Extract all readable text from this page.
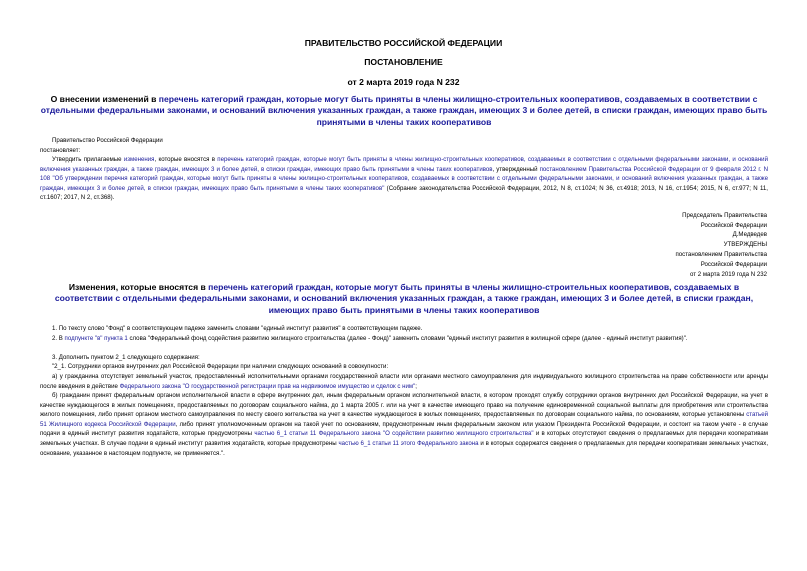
ПРАВИТЕЛЬСТВО РОССИЙСКОЙ ФЕДЕРАЦИИ
ПОСТАНОВЛЕНИЕ
от 2 марта 2019 года N 232
О внесении изменений в перечень категорий граждан, которые могут быть приняты в члены жилищно-строительных кооперативов, создаваемых в соответствии с отдельными федеральными законами, и оснований включения указанных граждан, а также граждан, имеющих 3 и более детей, в списки граждан, имеющих право быть принятыми в члены таких кооперативов
Правительство Российской Федерации
постановляет:
Утвердить прилагаемые изменения, которые вносятся в перечень категорий граждан, которые могут быть приняты в члены жилищно-строительных кооперативов, создаваемых в соответствии с отдельными федеральными законами, и оснований включения указанных граждан, а также граждан, имеющих 3 и более детей, в списки граждан, имеющих право быть принятыми в члены таких кооперативов, утвержденный постановлением Правительства Российской Федерации от 9 февраля 2012 г. N 108 "Об утверждении перечня категорий граждан, которые могут быть приняты в члены жилищно-строительных кооперативов, создаваемых в соответствии с отдельными федеральными законами, и оснований включения указанных граждан, а также граждан, имеющих 3 и более детей, в списки граждан, имеющих право быть принятыми в члены таких кооперативов" (Собрание законодательства Российской Федерации, 2012, N 8, ст.1024; N 36, ст.4918; 2013, N 16, ст.1954; 2015, N 6, ст.977; N 11, ст.1607; 2017, N 2, ст.368).
Председатель Правительства
Российской Федерации
Д.Медведев
УТВЕРЖДЕНЫ
постановлением Правительства
Российской Федерации
от 2 марта 2019 года N 232
Изменения, которые вносятся в перечень категорий граждан, которые могут быть приняты в члены жилищно-строительных кооперативов, создаваемых в соответствии с отдельными федеральными законами, и оснований включения указанных граждан, а также граждан, имеющих 3 и более детей, в списки граждан, имеющих право быть принятыми в члены таких кооперативов
1. По тексту слово "Фонд" в соответствующем падеже заменить словами "единый институт развития" в соответствующем падеже.
2. В подпункте "в" пункта 1 слова "Федеральный фонд содействия развитию жилищного строительства (далее - Фонд)" заменить словами "единый институт развития в жилищной сфере (далее - единый институт развития)".
3. Дополнить пунктом 2_1 следующего содержания:
"2_1. Сотрудники органов внутренних дел Российской Федерации при наличии следующих оснований в совокупности:
а) у гражданина отсутствует земельный участок, предоставленный исполнительными органами государственной власти или органами местного самоуправления для индивидуального жилищного строительства на праве собственности или аренды после введения в действие Федерального закона "О государственной регистрации прав на недвижимое имущество и сделок с ним";
б) гражданин принят федеральным органом исполнительной власти в сфере внутренних дел, иным федеральным органом исполнительной власти, в котором проходят службу сотрудники органов внутренних дел Российской Федерации, на учет в качестве нуждающегося в жилых помещениях, предоставляемых по договорам социального найма, до 1 марта 2005 г. или на учет в качестве имеющего право на получение единовременной социальной выплаты для приобретения или строительства жилого помещения, либо принят органом местного самоуправления по месту своего жительства на учет в качестве нуждающегося в жилых помещениях, предоставляемых по договорам социального найма, по основаниям, которые установлены статьей 51 Жилищного кодекса Российской Федерации, либо принят уполномоченным органом на такой учет по основаниям, предусмотренным иным федеральным законом или указом Президента Российской Федерации, и состоит на таком учете - в случае подачи в единый институт развития ходатайств, которые предусмотрены частью 6_1 статьи 11 Федерального закона "О содействии развитию жилищного строительства" и в которых отсутствуют сведения о предлагаемых для передачи кооперативам земельных участках. В случае подачи в единый институт развития ходатайств, которые предусмотрены частью 6_1 статьи 11 этого Федерального закона и в которых содержатся сведения о предлагаемых для передачи кооперативам земельных участках, основание, указанное в настоящем подпункте, не применяется.".
